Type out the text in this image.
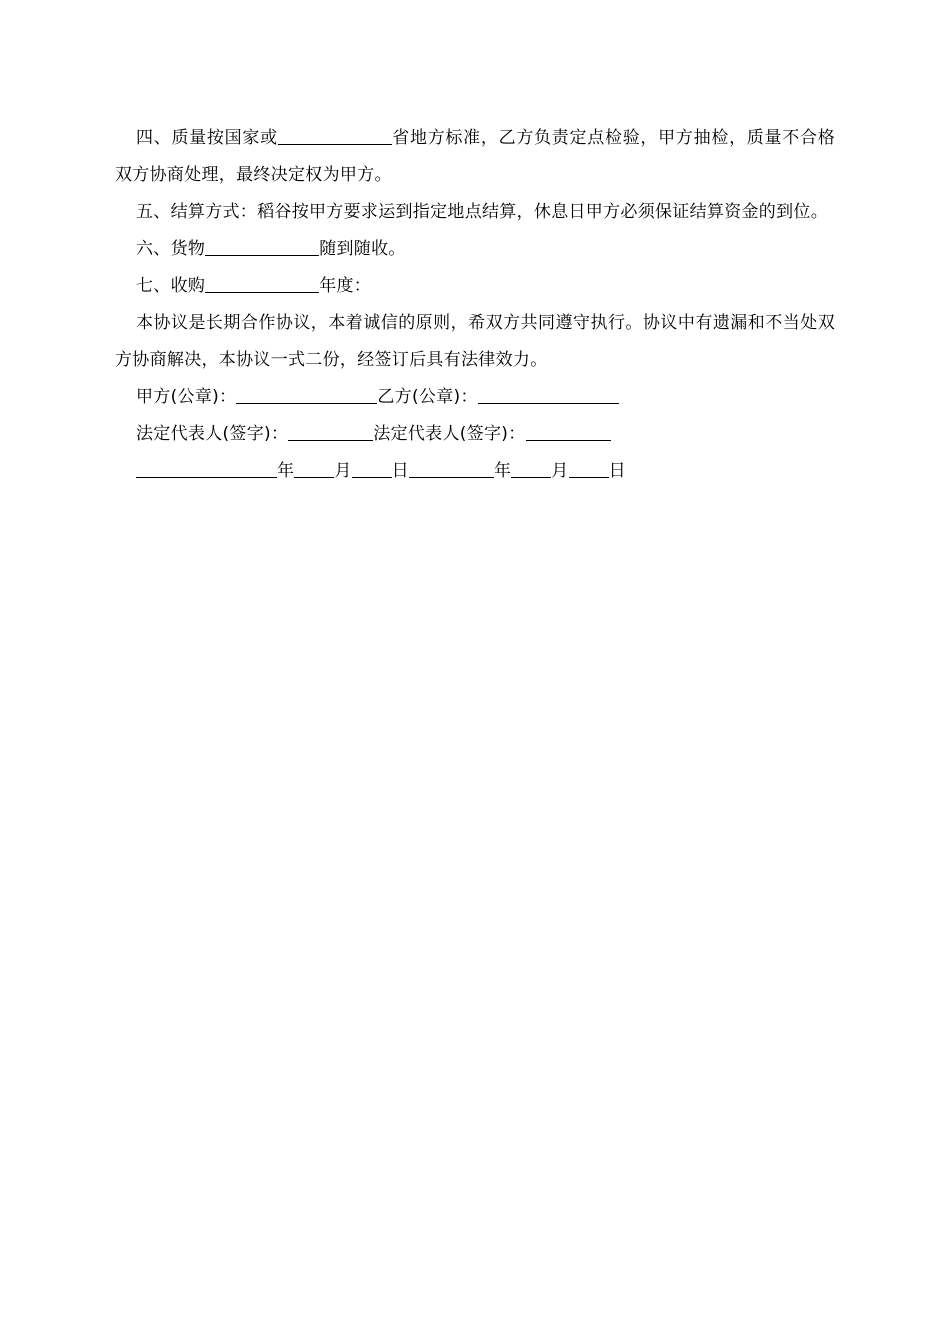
四、质量按国家或	省地方标准，乙方负责定点检验，甲方抽检，质量不合格双方协商处理，最终决定权为甲方。

五、结算方式：稻谷按甲方要求运到指定地点结算，休息日甲方必须保证结算资金的到位。

六、货物	随到随收。

七、收购	年度：

本协议是长期合作协议，本着诚信的原则，希双方共同遵守执行。协议中有遗漏和不当处双方协商解决，本协议一式二份，经签订后具有法律效力。

甲方(公章)：	乙方(公章)：

法定代表人(签字)：	法定代表人(签字)：

年 月 日	年 月 日
